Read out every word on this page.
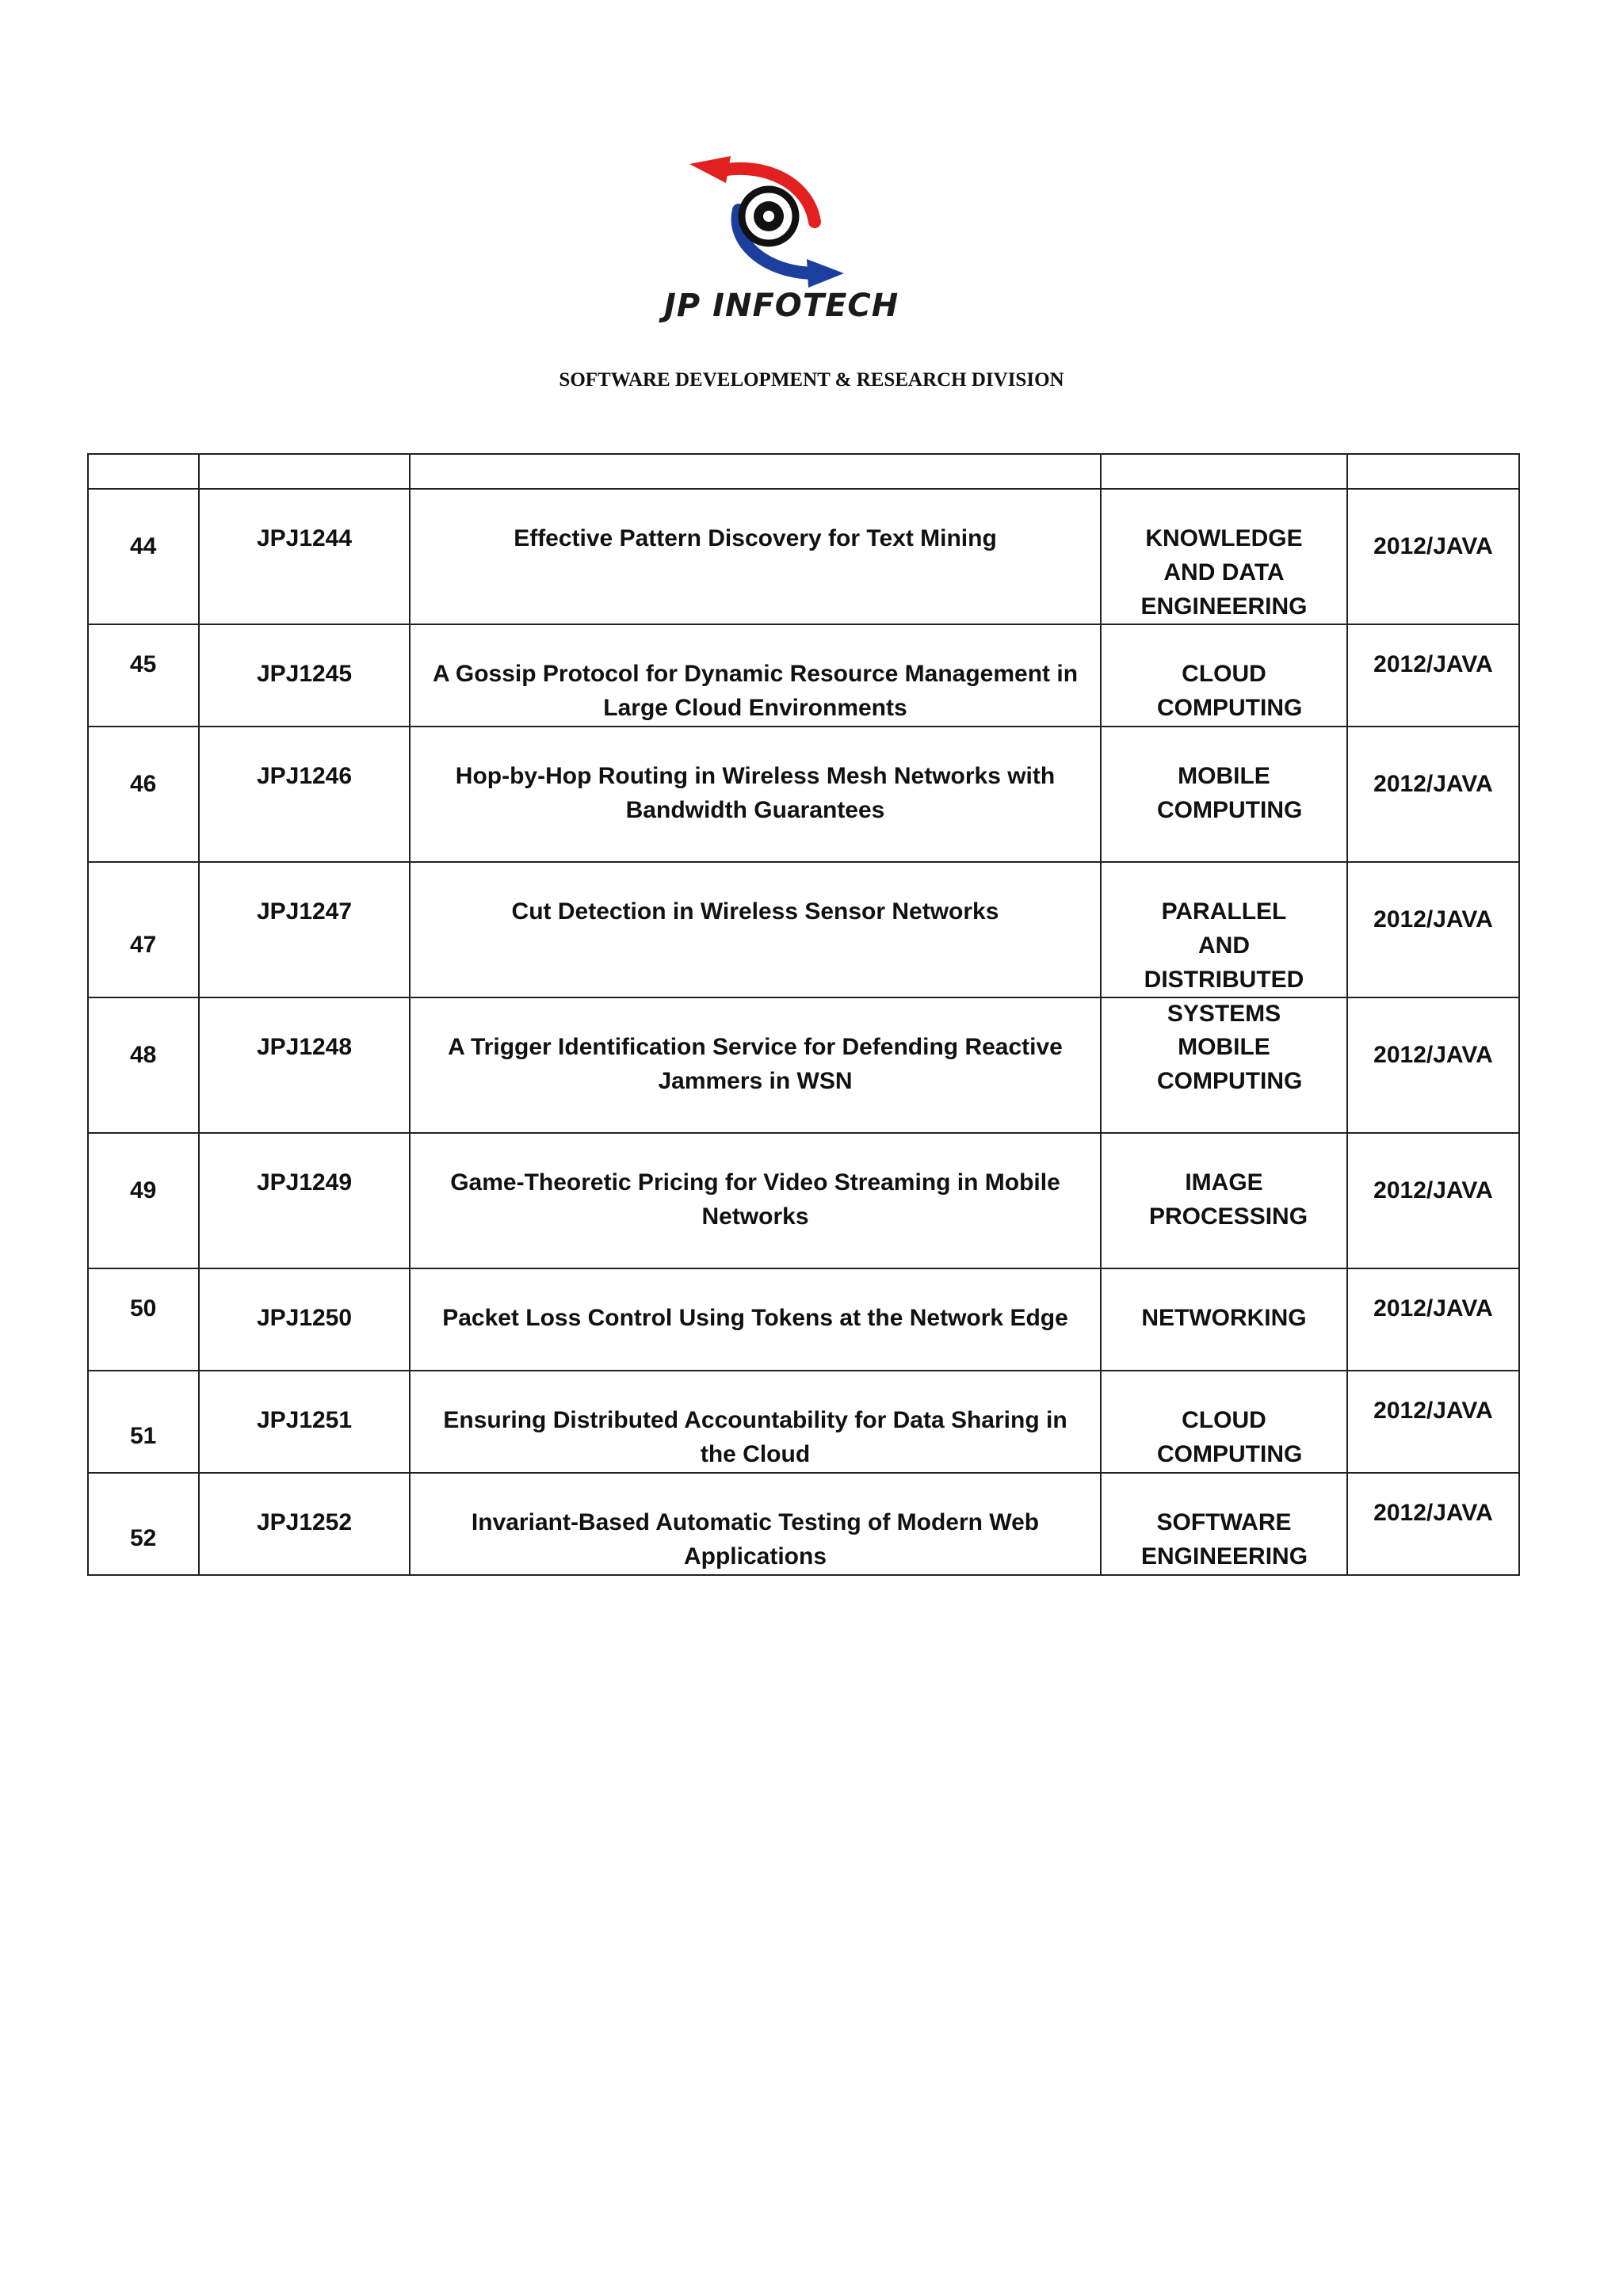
JP INFOTECH
SOFTWARE DEVELOPMENT & RESEARCH DIVISION

44	JPJ1244	Effective Pattern Discovery for Text Mining	KNOWLEDGE AND DATA ENGINEERING	2012/JAVA

45	JPJ1245	A Gossip Protocol for Dynamic Resource Management in Large Cloud Environments	CLOUD COMPUTING	2012/JAVA

46	JPJ1246	Hop-by-Hop Routing in Wireless Mesh Networks with Bandwidth Guarantees	MOBILE COMPUTING	2012/JAVA

47	JPJ1247	Cut Detection in Wireless Sensor Networks	PARALLEL AND DISTRIBUTED SYSTEMS	2012/JAVA

48	JPJ1248	A Trigger Identification Service for Defending Reactive Jammers in WSN	MOBILE COMPUTING	2012/JAVA

49	JPJ1249	Game-Theoretic Pricing for Video Streaming in Mobile Networks	IMAGE PROCESSING	2012/JAVA

50	JPJ1250	Packet Loss Control Using Tokens at the Network Edge	NETWORKING	2012/JAVA

51	JPJ1251	Ensuring Distributed Accountability for Data Sharing in the Cloud	CLOUD COMPUTING	2012/JAVA

52	JPJ1252	Invariant-Based Automatic Testing of Modern Web Applications	SOFTWARE ENGINEERING	2012/JAVA
